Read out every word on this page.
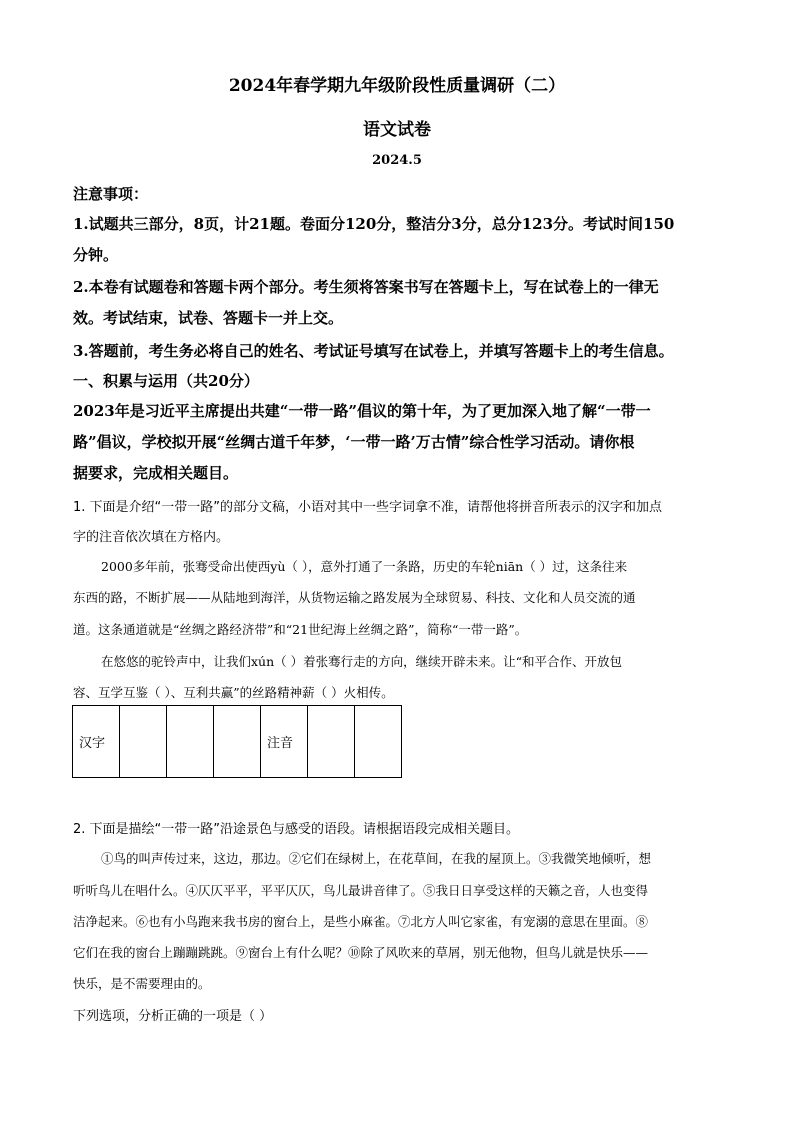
2024年春学期九年级阶段性质量调研（二）
语文试卷
2024.5
注意事项：
1.试题共三部分，8页，计21题。卷面分120分，整洁分3分，总分123分。考试时间150
分钟。
2.本卷有试题卷和答题卡两个部分。考生须将答案书写在答题卡上，写在试卷上的一律无
效。考试结束，试卷、答题卡一并上交。
3.答题前，考生务必将自己的姓名、考试证号填写在试卷上，并填写答题卡上的考生信息。
一、积累与运用（共20分）
2023年是习近平主席提出共建“一带一路”倡议的第十年，为了更加深入地了解“一带一
路”倡议，学校拟开展“丝绸古道千年梦，‘一带一路’万古情”综合性学习活动。请你根
据要求，完成相关题目。
1. 下面是介绍“一带一路”的部分文稿，小语对其中一些字词拿不准，请帮他将拼音所表示的汉字和加点
字的注音依次填在方格内。
2000多年前，张骞受命出使西yù（ ），意外打通了一条路，历史的车轮niān（ ）过，这条往来
东西的路，不断扩展——从陆地到海洋，从货物运输之路发展为全球贸易、科技、文化和人员交流的通
道。这条通道就是“丝绸之路经济带”和“21世纪海上丝绸之路”，简称“一带一路”。
在悠悠的驼铃声中，让我们xún（ ）着张骞行走的方向，继续开辟未来。让“和平合作、开放包
容、互学互鉴（ ）、互利共赢”的丝路精神薪（ ）火相传。
汉字				注音		
2. 下面是描绘“一带一路”沿途景色与感受的语段。请根据语段完成相关题目。
①鸟的叫声传过来，这边，那边。②它们在绿树上，在花草间，在我的屋顶上。③我微笑地倾听，想
听听鸟儿在唱什么。④仄仄平平，平平仄仄，鸟儿最讲音律了。⑤我日日享受这样的天籁之音，人也变得
洁净起来。⑥也有小鸟跑来我书房的窗台上，是些小麻雀。⑦北方人叫它家雀，有宠溺的意思在里面。⑧
它们在我的窗台上蹦蹦跳跳。⑨窗台上有什么呢？⑩除了风吹来的草屑，别无他物，但鸟儿就是快乐——
快乐，是不需要理由的。
下列选项，分析正确的一项是（ ）
